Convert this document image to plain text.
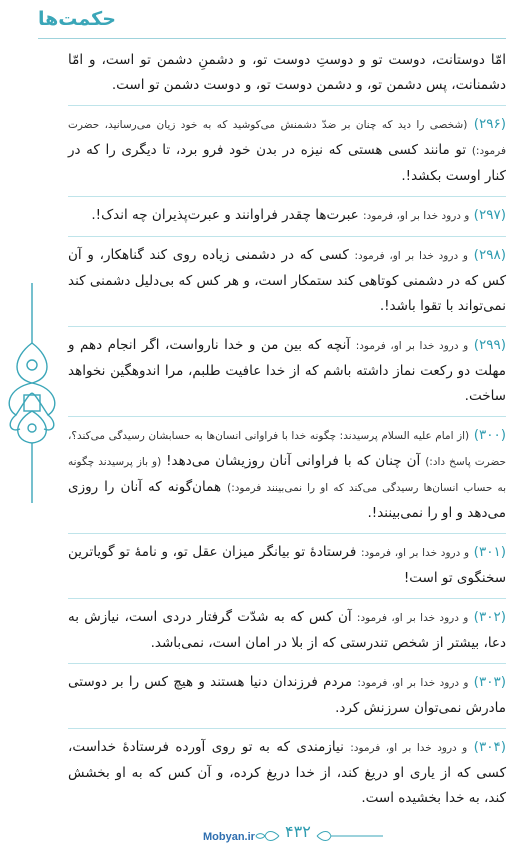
حکمت‌ها
امّا دوستانت، دوست تو و دوستِ دوست تو، و دشمنِ دشمن تو است، و امّا دشمنانت، پس دشمن تو، و دشمن دوست تو، و دوست دشمن تو است.
(۲۹۶) (شخصی را دید که چنان بر ضدّ دشمنش می‌کوشید که به خود زیان می‌رسانید، حضرت فرمود:) تو مانند کسی هستی که نیزه در بدن خود فرو برد، تا دیگری را که در کنار اوست بکشد!.
(۲۹۷) و درود خدا بر او، فرمود: عبرت‌ها چقدر فراوانند و عبرت‌پذیران چه اندک!.
(۲۹۸) و درود خدا بر او، فرمود: کسی که در دشمنی زیاده روی کند گناهکار، و آن کس که در دشمنی کوتاهی کند ستمکار است، و هر کس که بی‌دلیل دشمنی کند نمی‌تواند با تقوا باشد!.
(۲۹۹) و درود خدا بر او، فرمود: آنچه که بین من و خدا نارواست، اگر انجام دهم و مهلت دو رکعت نماز داشته باشم که از خدا عافیت طلبم، مرا اندوهگین نخواهد ساخت.
(۳۰۰) (از امام علیه السلام پرسیدند: چگونه خدا با فراوانی انسان‌ها به حسابشان رسیدگی می‌کند؟، حضرت پاسخ داد:) آن چنان که با فراوانی آنان روزیشان می‌دهد! (و باز پرسیدند چگونه به حساب انسان‌ها رسیدگی می‌کند که او را نمی‌بینند فرمود:) همان‌گونه که آنان را روزی می‌دهد و او را نمی‌بینند!.
(۳۰۱) و درود خدا بر او، فرمود: فرستادهٔ تو بیانگر میزان عقل تو، و نامهٔ تو گویاترین سخنگوی تو است!
(۳۰۲) و درود خدا بر او، فرمود: آن کس که به شدّت گرفتار دردی است، نیازش به دعا، بیشتر از شخص تندرستی که از بلا در امان است، نمی‌باشد.
(۳۰۳) و درود خدا بر او، فرمود: مردم فرزندان دنیا هستند و هیچ کس را بر دوستی مادرش نمی‌توان سرزنش کرد.
(۳۰۴) و درود خدا بر او، فرمود: نیازمندی که به تو روی آورده فرستادهٔ خداست، کسی که از یاری او دریغ کند، از خدا دریغ کرده، و آن کس که به او بخشش کند، به خدا بخشیده است.
Mobyan.ir ۴۳۲
